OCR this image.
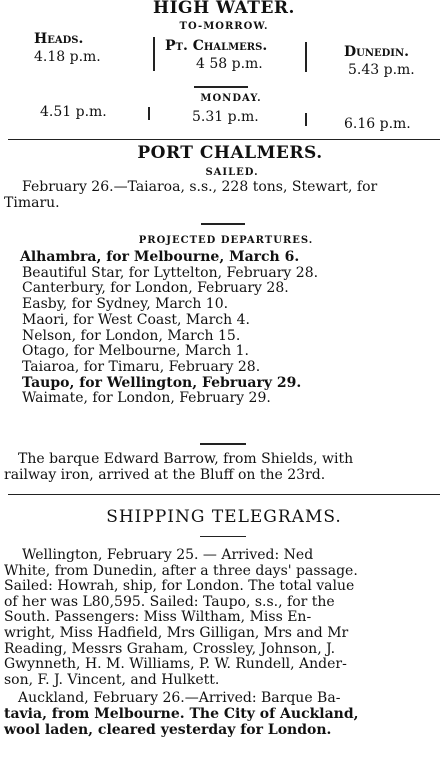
HIGH WATER.
TO-MORROW.
Heads.	Pt. Chalmers.	Dunedin.
4.18 p.m.	4 58 p.m.	5.43 p.m.
MONDAY.
4.51 p.m.	5.31 p.m.	6.16 p.m.
PORT CHALMERS.
SAILED.
February 26.—Taiaroa, s.s., 228 tons, Stewart, for
Timaru.
PROJECTED DEPARTURES.
Alhambra, for Melbourne, March 6.
Beautiful Star, for Lyttelton, February 28.
Canterbury, for London, February 28.
Easby, for Sydney, March 10.
Maori, for West Coast, March 4.
Nelson, for London, March 15.
Otago, for Melbourne, March 1.
Taiaroa, for Timaru, February 28.
Taupo, for Wellington, February 29.
Waimate, for London, February 29.
The barque Edward Barrow, from Shields, with
railway iron, arrived at the Bluff on the 23rd.
SHIPPING TELEGRAMS.
Wellington, February 25. — Arrived: Ned
White, from Dunedin, after a three days' passage.
Sailed: Howrah, ship, for London. The total value
of her was L80,595. Sailed: Taupo, s.s., for the
South. Passengers: Miss Wiltham, Miss En-
wright, Miss Hadfield, Mrs Gilligan, Mrs and Mr
Reading, Messrs Graham, Crossley, Johnson, J.
Gwynneth, H. M. Williams, P. W. Rundell, Ander-
son, F. J. Vincent, and Hulkett.
Auckland, February 26.—Arrived: Barque Ba-
tavia, from Melbourne. The City of Auckland,
wool laden, cleared yesterday for London.
